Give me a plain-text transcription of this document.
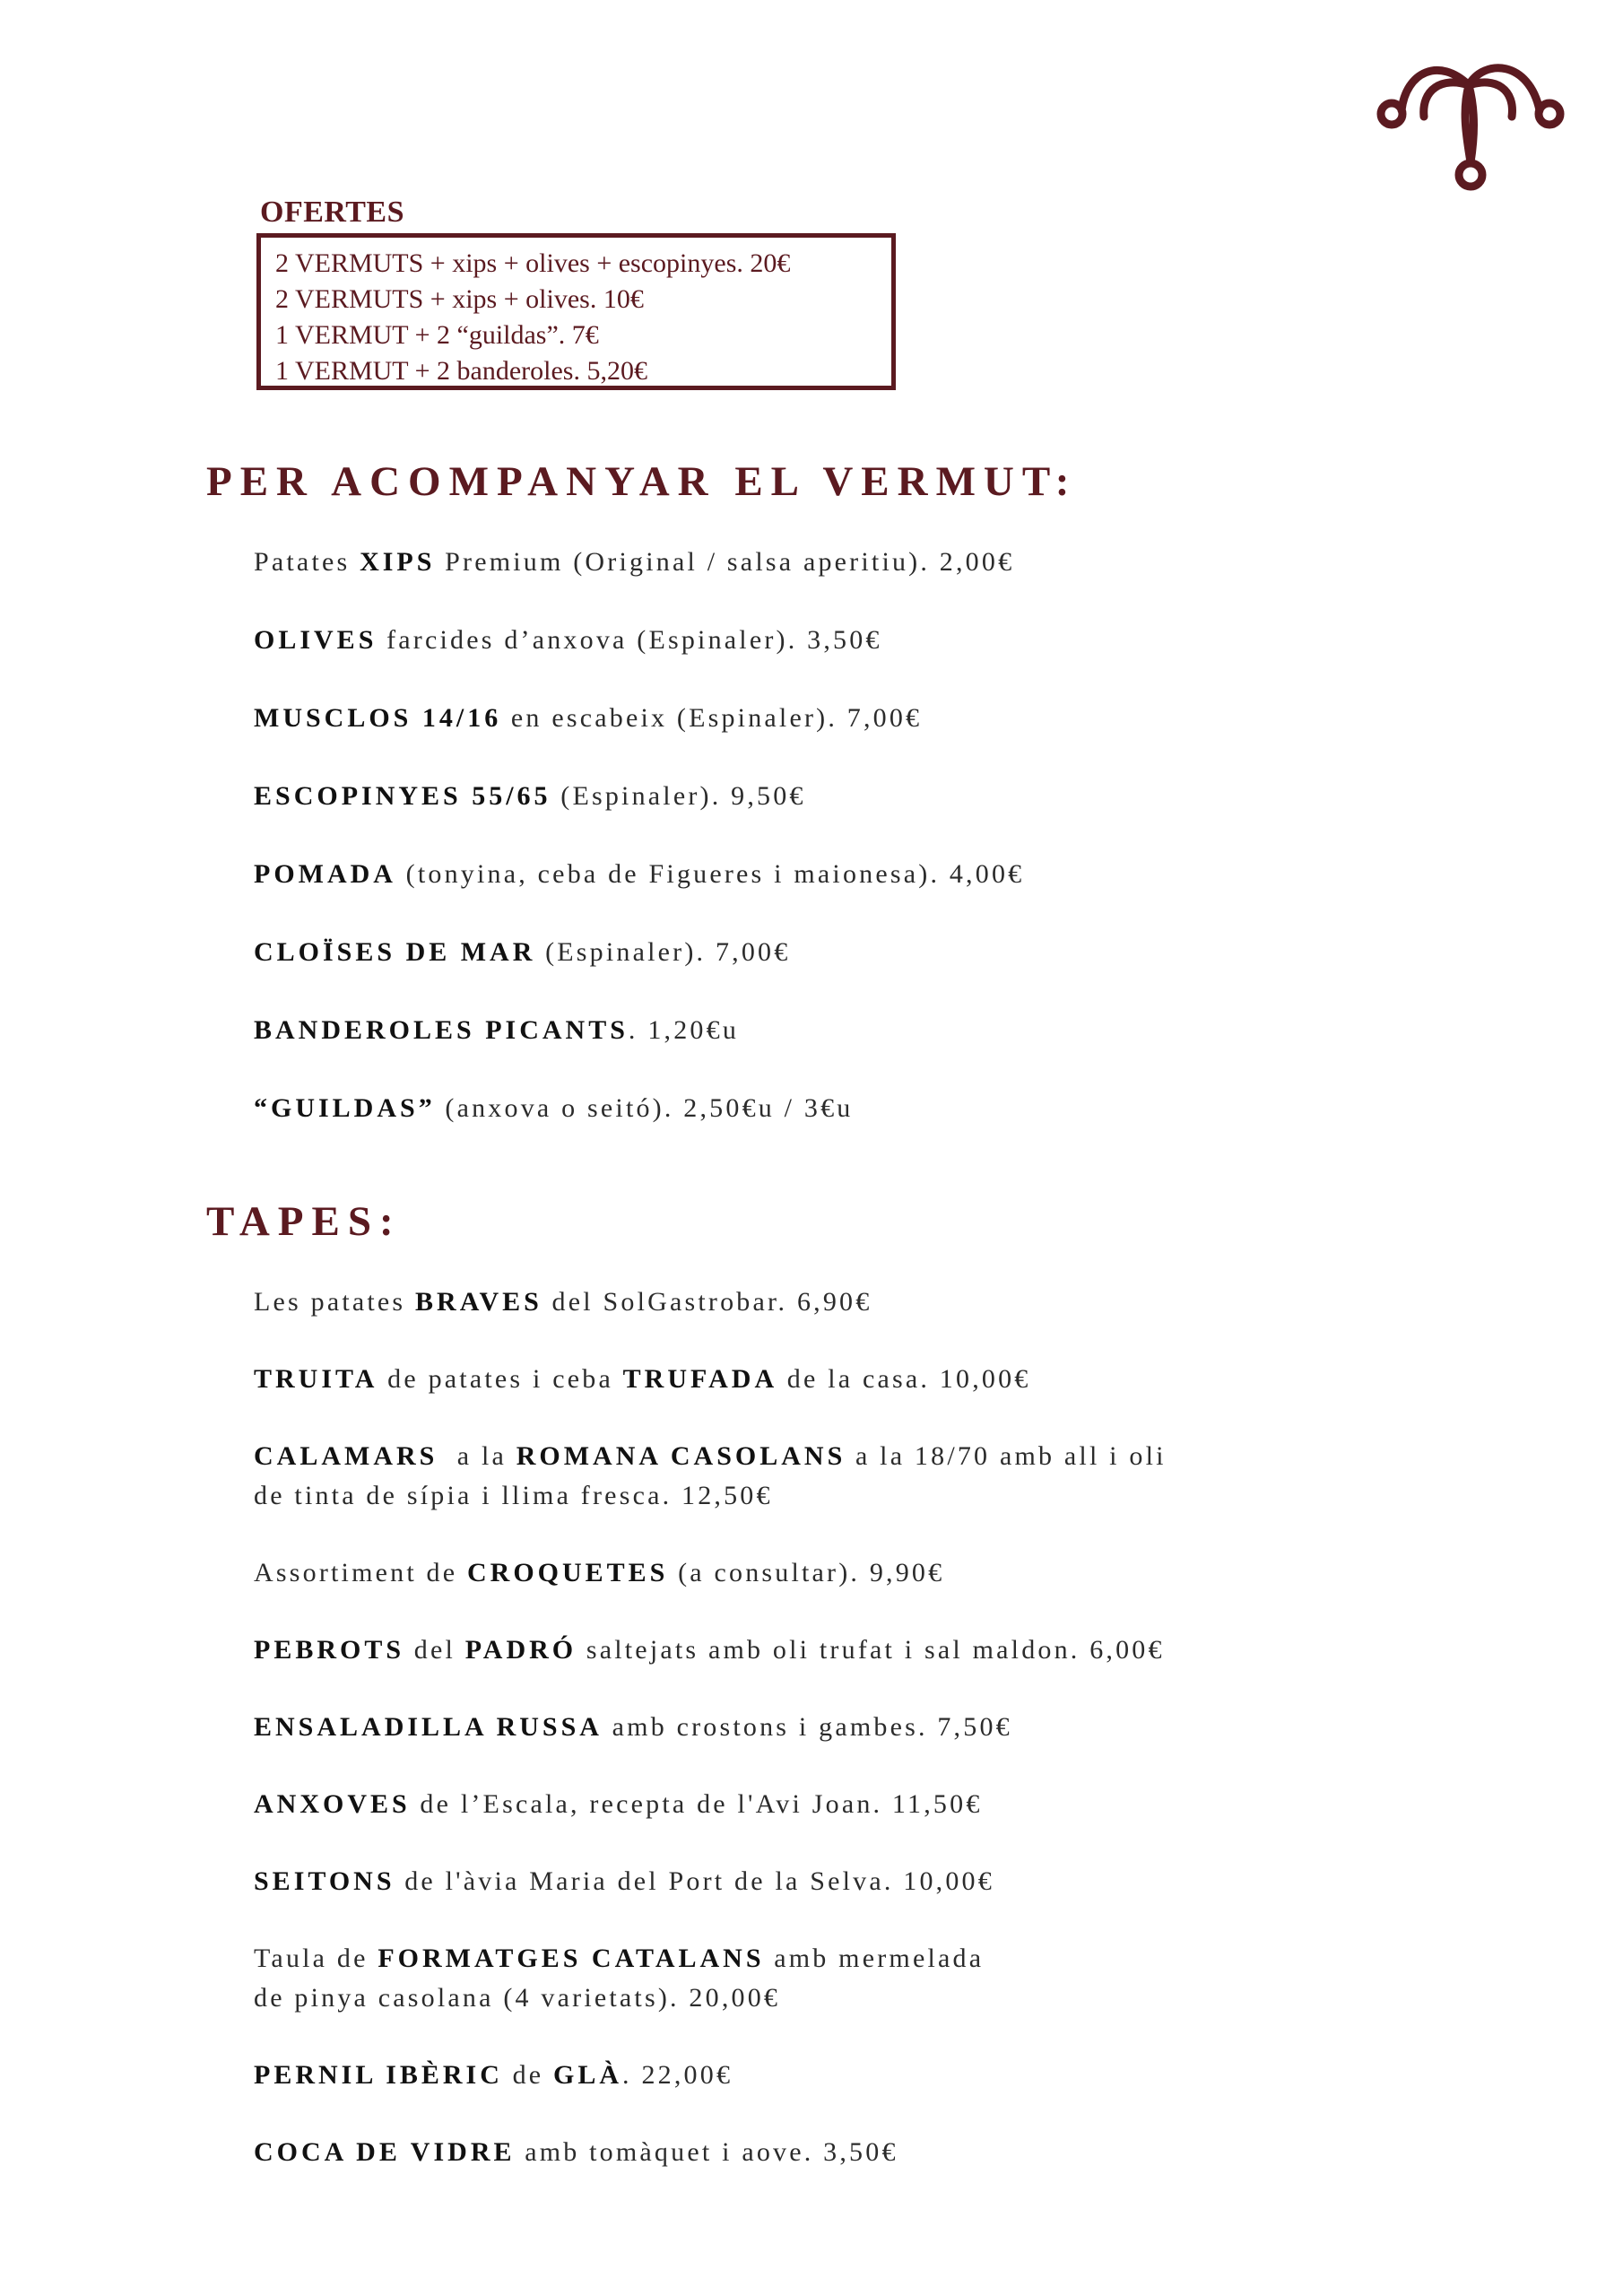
OFERTES
2 VERMUTS + xips + olives + escopinyes. 20€
2 VERMUTS + xips + olives. 10€
1 VERMUT + 2 “guildas”. 7€
1 VERMUT + 2 banderoles. 5,20€
PER ACOMPANYAR EL VERMUT:
Patates XIPS Premium (Original / salsa aperitiu). 2,00€
OLIVES farcides d’anxova (Espinaler). 3,50€
MUSCLOS 14/16 en escabeix (Espinaler). 7,00€
ESCOPINYES 55/65 (Espinaler). 9,50€
POMADA (tonyina, ceba de Figueres i maionesa). 4,00€
CLOÏSES DE MAR (Espinaler). 7,00€
BANDEROLES PICANTS. 1,20€u
“GUILDAS” (anxova o seitó). 2,50€u / 3€u
TAPES:
Les patates BRAVES del SolGastrobar. 6,90€
TRUITA de patates i ceba TRUFADA de la casa. 10,00€
CALAMARS  a la ROMANA CASOLANS a la 18/70 amb all i oli
de tinta de sípia i llima fresca. 12,50€
Assortiment de CROQUETES (a consultar). 9,90€
PEBROTS del PADRÓ saltejats amb oli trufat i sal maldon. 6,00€
ENSALADILLA RUSSA amb crostons i gambes. 7,50€
ANXOVES de l’Escala, recepta de l'Avi Joan. 11,50€
SEITONS de l'àvia Maria del Port de la Selva. 10,00€
Taula de FORMATGES CATALANS amb mermelada
de pinya casolana (4 varietats). 20,00€
PERNIL IBÈRIC de GLÀ. 22,00€
COCA DE VIDRE amb tomàquet i aove. 3,50€
